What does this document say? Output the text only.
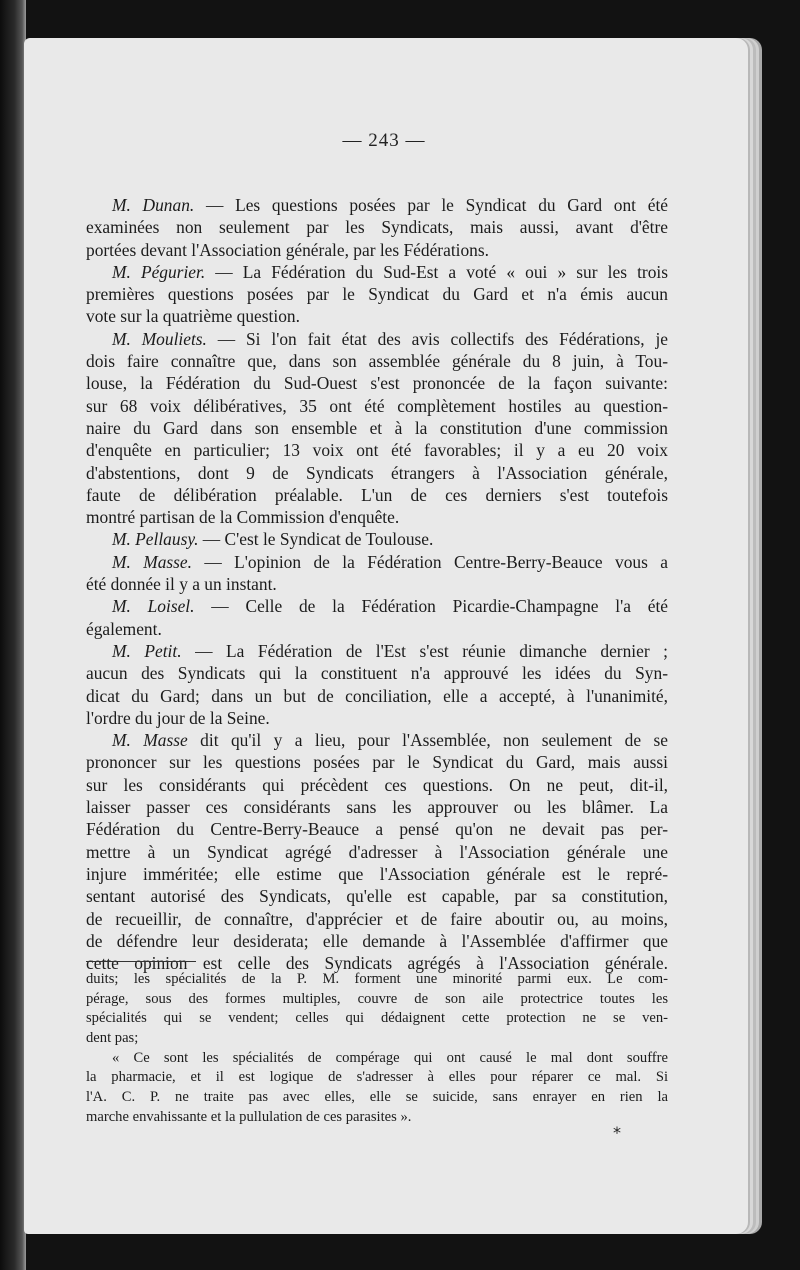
— 243 —
M. Dunan. — Les questions posées par le Syndicat du Gard ont été
examinées non seulement par les Syndicats, mais aussi, avant d'être
portées devant l'Association générale, par les Fédérations.
M. Pégurier. — La Fédération du Sud-Est a voté « oui » sur les trois
premières questions posées par le Syndicat du Gard et n'a émis aucun
vote sur la quatrième question.
M. Mouliets. — Si l'on fait état des avis collectifs des Fédérations, je
dois faire connaître que, dans son assemblée générale du 8 juin, à Tou-
louse, la Fédération du Sud-Ouest s'est prononcée de la façon suivante:
sur 68 voix délibératives, 35 ont été complètement hostiles au question-
naire du Gard dans son ensemble et à la constitution d'une commission
d'enquête en particulier; 13 voix ont été favorables; il y a eu 20 voix
d'abstentions, dont 9 de Syndicats étrangers à l'Association générale,
faute de délibération préalable. L'un de ces derniers s'est toutefois
montré partisan de la Commission d'enquête.
M. Pellausy. — C'est le Syndicat de Toulouse.
M. Masse. — L'opinion de la Fédération Centre-Berry-Beauce vous a
été donnée il y a un instant.
M. Loisel. — Celle de la Fédération Picardie-Champagne l'a été
également.
M. Petit. — La Fédération de l'Est s'est réunie dimanche dernier ;
aucun des Syndicats qui la constituent n'a approuvé les idées du Syn-
dicat du Gard; dans un but de conciliation, elle a accepté, à l'unanimité,
l'ordre du jour de la Seine.
M. Masse dit qu'il y a lieu, pour l'Assemblée, non seulement de se
prononcer sur les questions posées par le Syndicat du Gard, mais aussi
sur les considérants qui précèdent ces questions. On ne peut, dit-il,
laisser passer ces considérants sans les approuver ou les blâmer. La
Fédération du Centre-Berry-Beauce a pensé qu'on ne devait pas per-
mettre à un Syndicat agrégé d'adresser à l'Association générale une
injure imméritée; elle estime que l'Association générale est le repré-
sentant autorisé des Syndicats, qu'elle est capable, par sa constitution,
de recueillir, de connaître, d'apprécier et de faire aboutir ou, au moins,
de défendre leur desiderata; elle demande à l'Assemblée d'affirmer que
cette opinion est celle des Syndicats agrégés à l'Association générale.
duits; les spécialités de la P. M. forment une minorité parmi eux. Le com-
pérage, sous des formes multiples, couvre de son aile protectrice toutes les
spécialités qui se vendent; celles qui dédaignent cette protection ne se ven-
dent pas;
« Ce sont les spécialités de compérage qui ont causé le mal dont souffre
la pharmacie, et il est logique de s'adresser à elles pour réparer ce mal. Si
l'A. C. P. ne traite pas avec elles, elle se suicide, sans enrayer en rien la
marche envahissante et la pullulation de ces parasites ».
*
